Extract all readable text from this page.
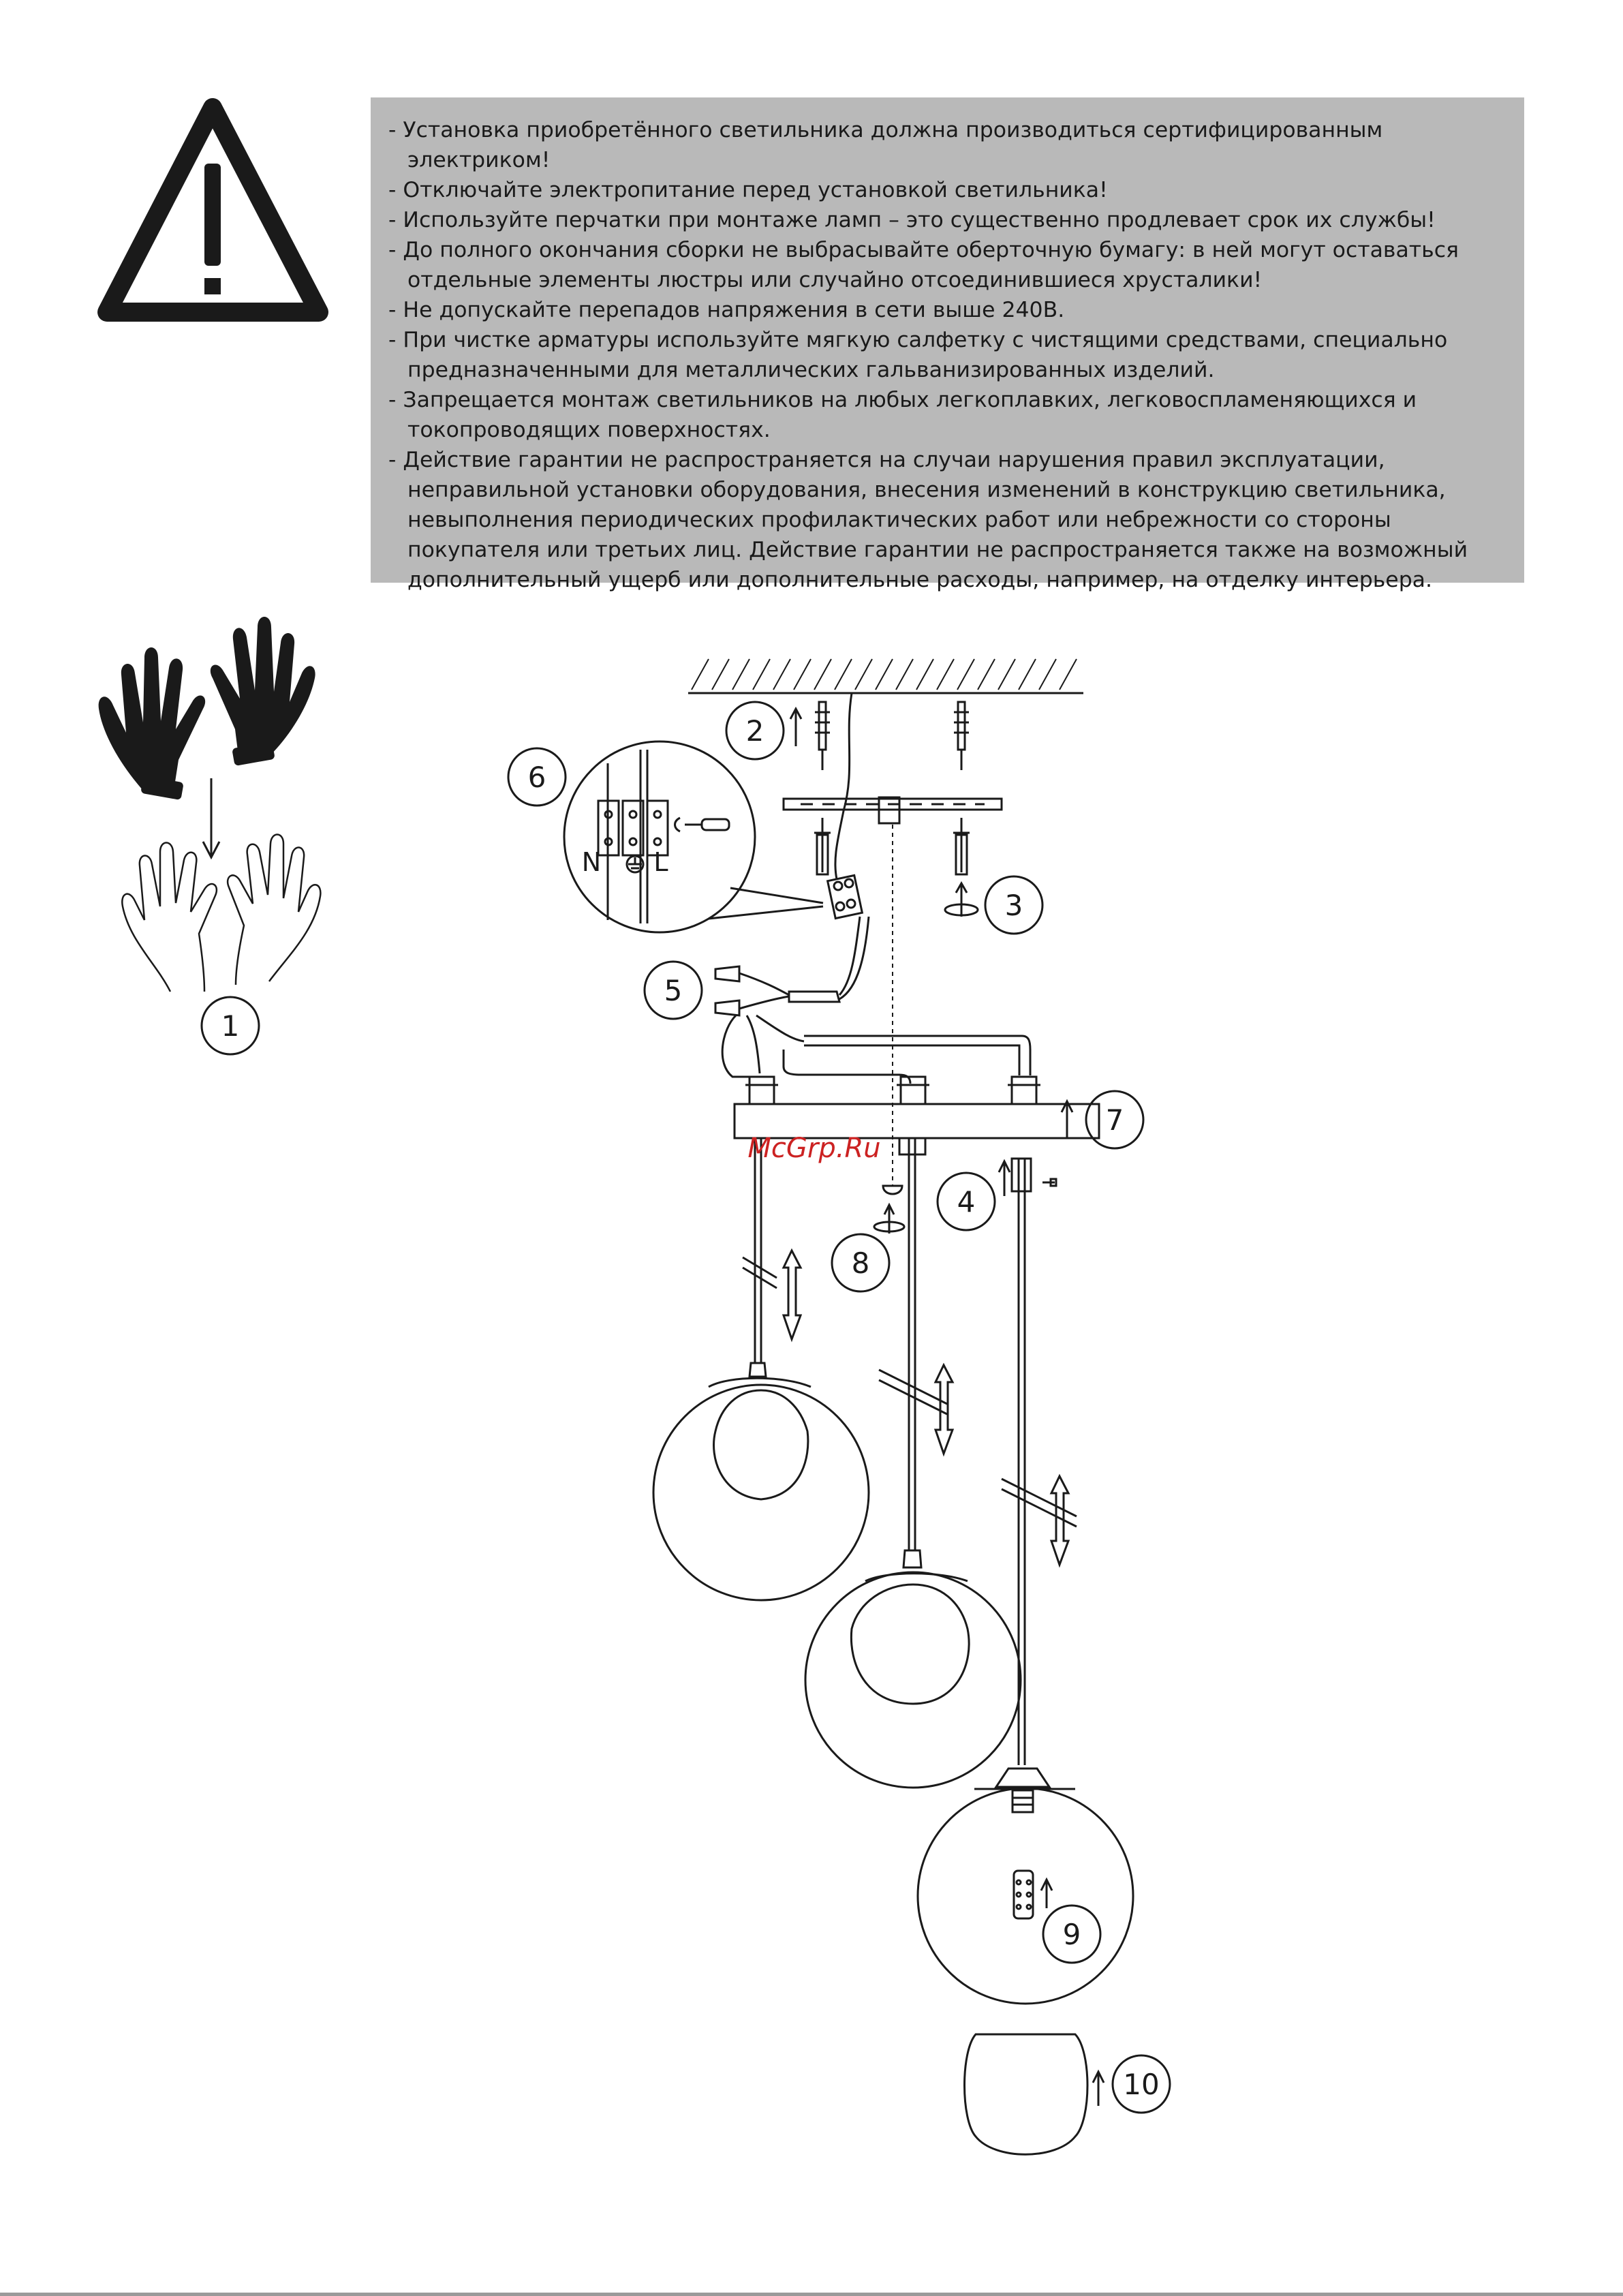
- Установка приобретённого светильника должна производиться сертифицированным электриком!
- Отключайте электропитание перед установкой светильника!
- Используйте перчатки при монтаже ламп – это существенно продлевает срок их службы!
- До полного окончания сборки не выбрасывайте оберточную бумагу: в ней могут оставаться отдельные элементы люстры или случайно отсоединившиеся хрусталики!
- Не допускайте перепадов напряжения в сети выше 240В.
- При чистке арматуры используйте мягкую салфетку с чистящими средствами, специально предназначенными для металлических гальванизированных изделий.
- Запрещается монтаж светильников на любых легкоплавких, легковоспламеняющихся и токопроводящих поверхностях.
- Действие гарантии не распространяется на случаи нарушения правил эксплуатации, неправильной установки оборудования, внесения изменений в конструкцию светильника, невыполнения периодических профилактических работ или небрежности со стороны покупателя или третьих лиц. Действие гарантии не распространяется также на возможный дополнительный ущерб или дополнительные расходы, например, на отделку интерьера.
1
2
3
4
5
6
7
8
9
10
N L
McGrp.Ru
